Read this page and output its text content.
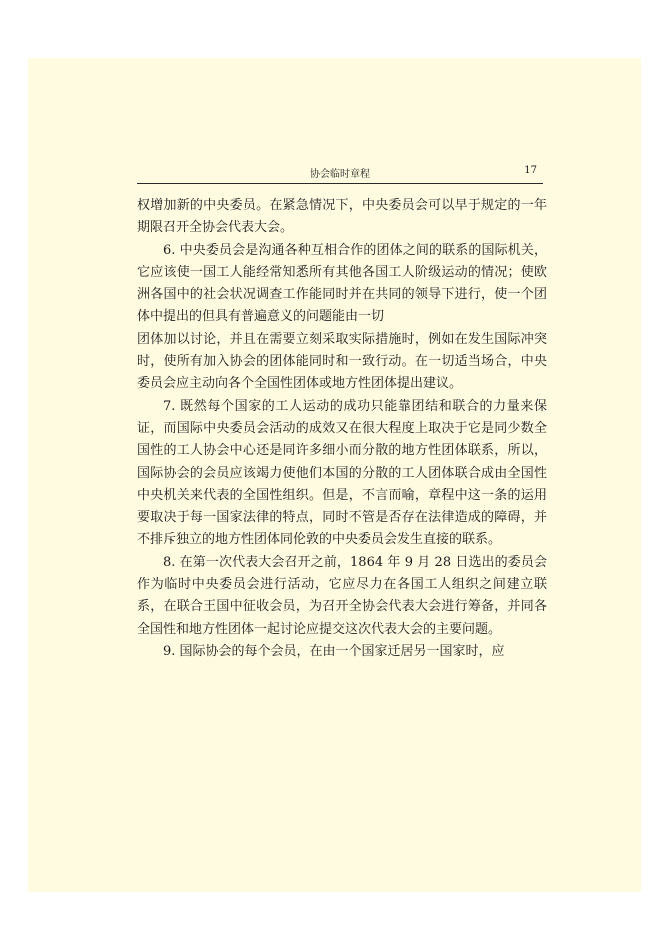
协会临时章程	17

权增加新的中央委员。在紧急情况下，中央委员会可以早于规定的一年期限召开全协会代表大会。

6. 中央委员会是沟通各种互相合作的团体之间的联系的国际机关，它应该使一国工人能经常知悉所有其他各国工人阶级运动的情况；使欧洲各国中的社会状况调查工作能同时并在共同的领导下进行，使一个团体中提出的但具有普遍意义的问题能由一切

团体加以讨论，并且在需要立刻采取实际措施时，例如在发生国际冲突时，使所有加入协会的团体能同时和一致行动。在一切适当场合，中央委员会应主动向各个全国性团体或地方性团体提出建议。

7. 既然每个国家的工人运动的成功只能靠团结和联合的力量来保证，而国际中央委员会活动的成效又在很大程度上取决于它是同少数全国性的工人协会中心还是同许多细小而分散的地方性团体联系，所以，国际协会的会员应该竭力使他们本国的分散的工人团体联合成由全国性中央机关来代表的全国性组织。但是，不言而喻，章程中这一条的运用要取决于每一国家法律的特点，同时不管是否存在法律造成的障碍，并不排斥独立的地方性团体同伦敦的中央委员会发生直接的联系。

8. 在第一次代表大会召开之前，1864 年 9 月 28 日选出的委员会作为临时中央委员会进行活动，它应尽力在各国工人组织之间建立联系，在联合王国中征收会员，为召开全协会代表大会进行筹备，并同各全国性和地方性团体一起讨论应提交这次代表大会的主要问题。

9. 国际协会的每个会员，在由一个国家迁居另一国家时，应
